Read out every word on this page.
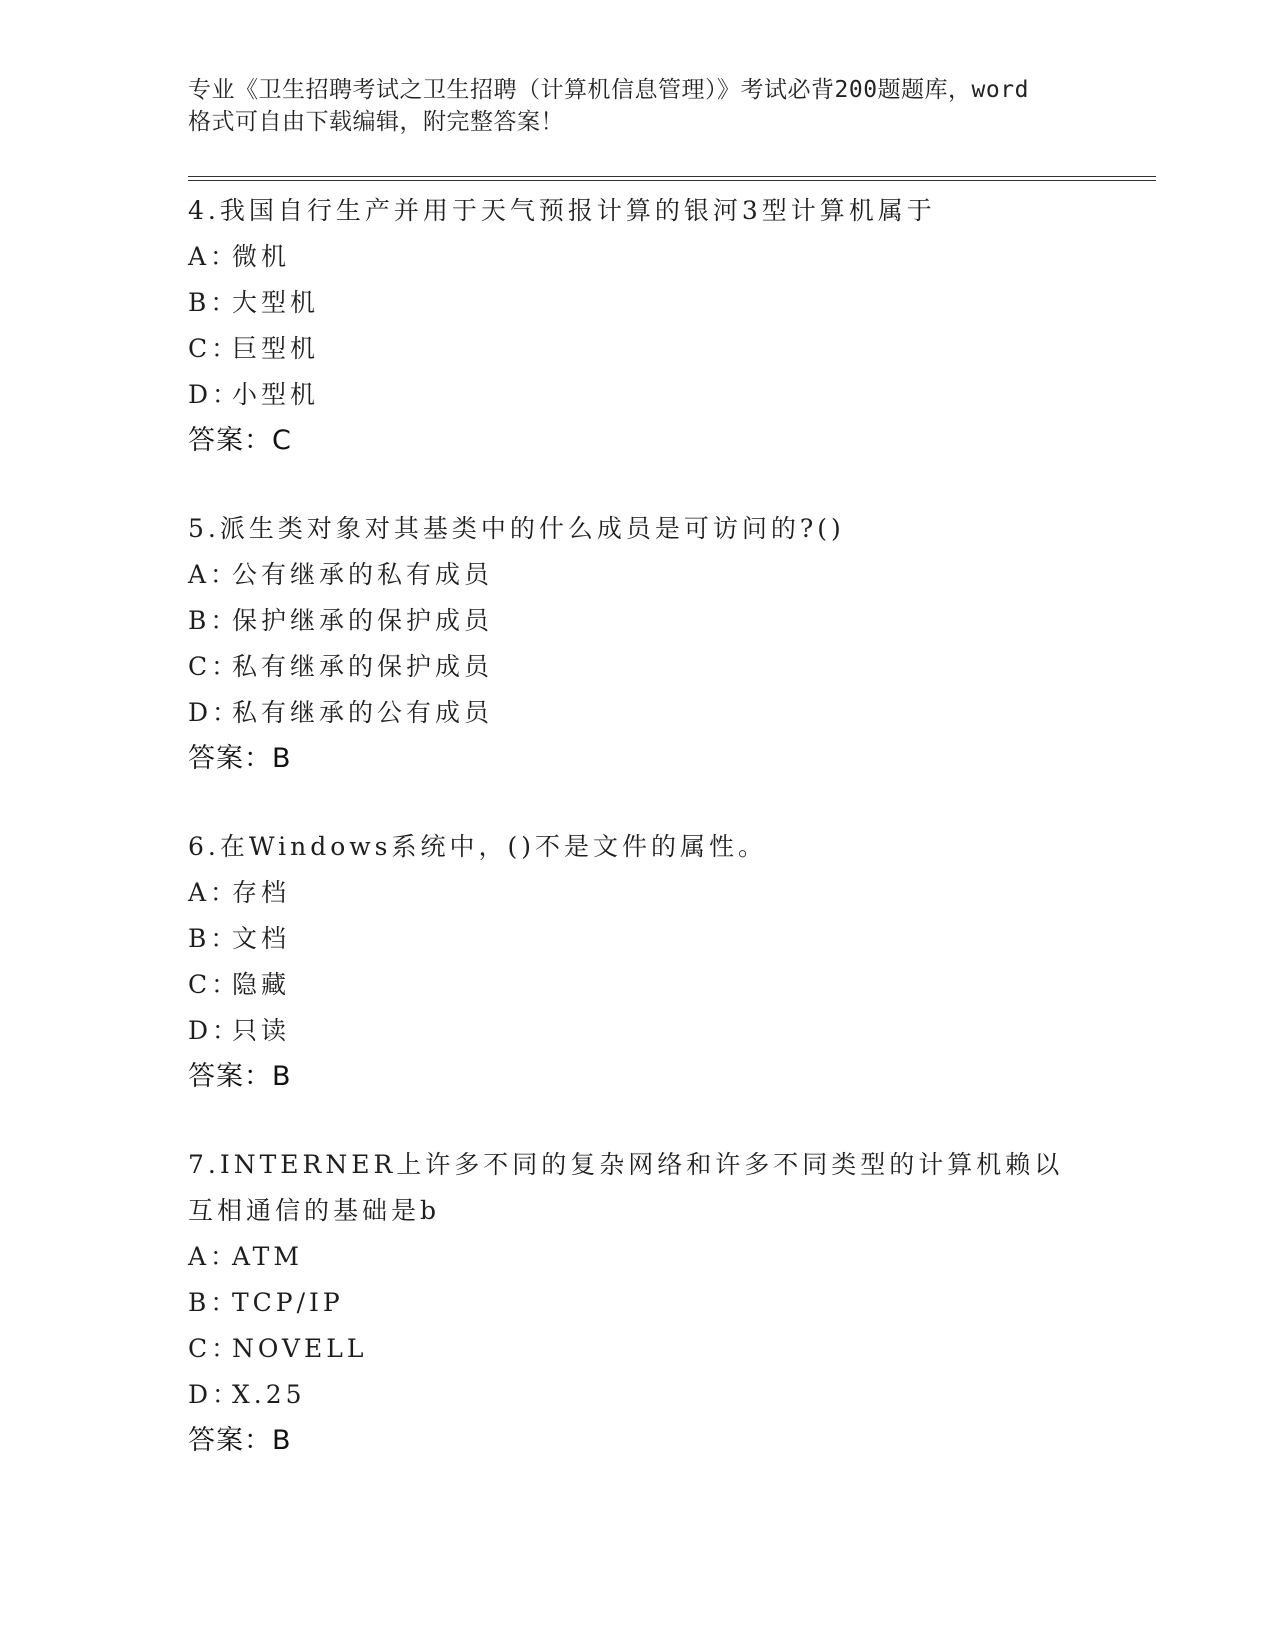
专业《卫生招聘考试之卫生招聘（计算机信息管理）》考试必背200题题库，word
格式可自由下载编辑，附完整答案！
4.我国自行生产并用于天气预报计算的银河3型计算机属于
A：微机
B：大型机
C：巨型机
D：小型机
答案：C
5.派生类对象对其基类中的什么成员是可访问的?()
A：公有继承的私有成员
B：保护继承的保护成员
C：私有继承的保护成员
D：私有继承的公有成员
答案：B
6.在Windows系统中，()不是文件的属性。
A：存档
B：文档
C：隐藏
D：只读
答案：B
7.INTERNER上许多不同的复杂网络和许多不同类型的计算机赖以互相通信的基础是b
A：ATM
B：TCP/IP
C：NOVELL
D：X.25
答案：B
